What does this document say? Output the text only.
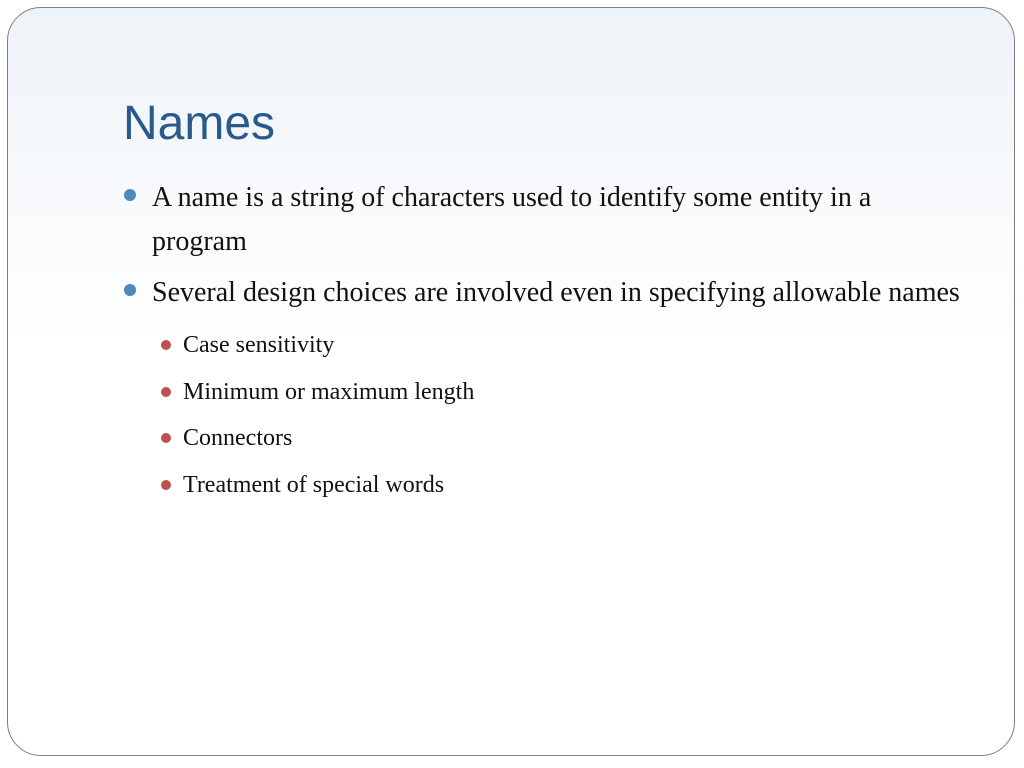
Names
A name is a string of characters used to identify some entity in a program
Several design choices are involved even in specifying allowable names
Case sensitivity
Minimum or maximum length
Connectors
Treatment of special words
